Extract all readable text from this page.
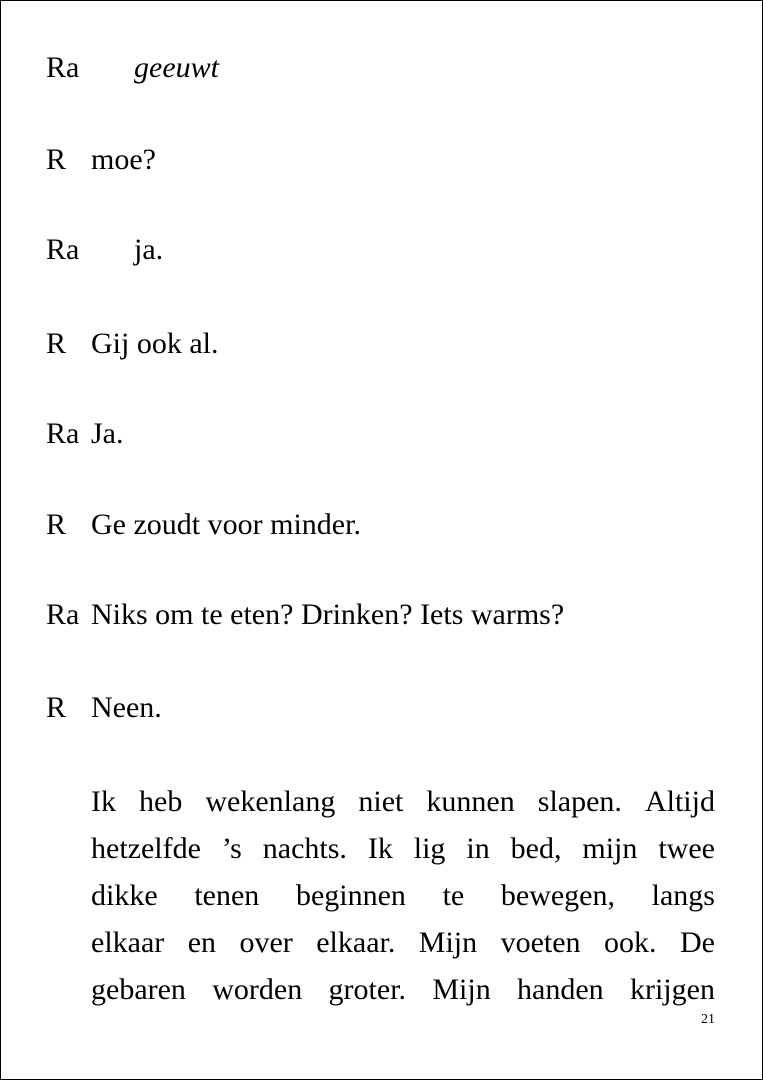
Ra geeuwt
R moe?
Ra ja.
R Gij ook al.
Ra Ja.
R Ge zoudt voor minder.
Ra Niks om te eten? Drinken? Iets warms?
R Neen.
Ik heb wekenlang niet kunnen slapen. Altijd
hetzelfde ’s nachts. Ik lig in bed, mijn twee
dikke tenen beginnen te bewegen, langs
elkaar en over elkaar. Mijn voeten ook. De
gebaren worden groter. Mijn handen krijgen
21
